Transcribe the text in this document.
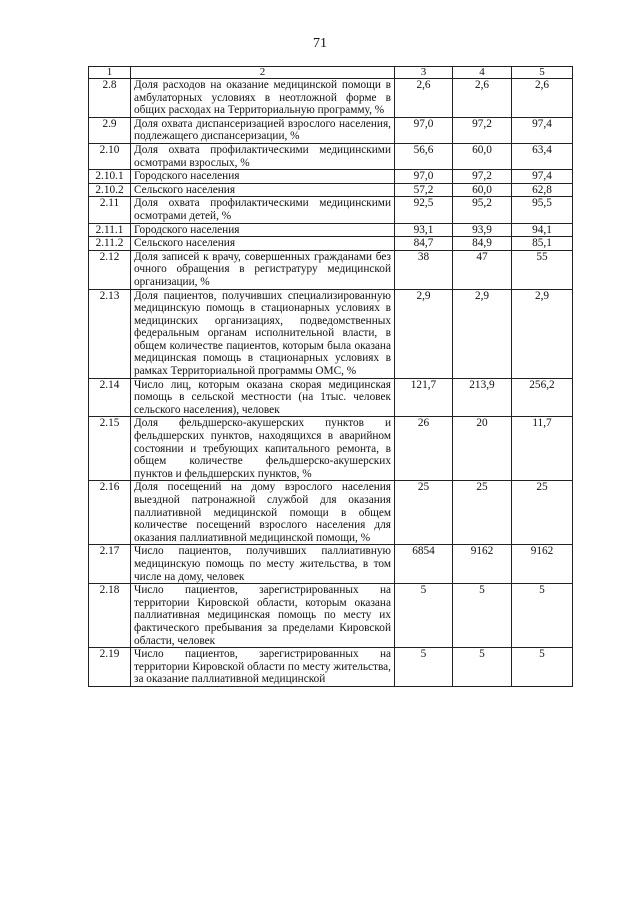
71
1	2	3	4	5
2.8	Доля расходов на оказание медицинской помощи в амбулаторных условиях в неотложной форме в общих расходах на Территориальную программу, %	2,6	2,6	2,6
2.9	Доля охвата диспансеризацией взрослого населения, подлежащего диспансеризации, %	97,0	97,2	97,4
2.10	Доля охвата профилактическими медицинскими осмотрами взрослых, %	56,6	60,0	63,4
2.10.1	Городского населения	97,0	97,2	97,4
2.10.2	Сельского населения	57,2	60,0	62,8
2.11	Доля охвата профилактическими медицинскими осмотрами детей, %	92,5	95,2	95,5
2.11.1	Городского населения	93,1	93,9	94,1
2.11.2	Сельского населения	84,7	84,9	85,1
2.12	Доля записей к врачу, совершенных гражданами без очного обращения в регистратуру медицинской организации, %	38	47	55
2.13	Доля пациентов, получивших специализированную медицинскую помощь в стационарных условиях в медицинских организациях, подведомственных федеральным органам исполнительной власти, в общем количестве пациентов, которым была оказана медицинская помощь в стационарных условиях в рамках Территориальной программы ОМС, %	2,9	2,9	2,9
2.14	Число лиц, которым оказана скорая медицинская помощь в сельской местности (на 1тыс. человек сельского населения), человек	121,7	213,9	256,2
2.15	Доля фельдшерско-акушерских пунктов и фельдшерских пунктов, находящихся в аварийном состоянии и требующих капитального ремонта, в общем количестве фельдшерско-акушерских пунктов и фельдшерских пунктов, %	26	20	11,7
2.16	Доля посещений на дому взрослого населения выездной патронажной службой для оказания паллиативной медицинской помощи в общем количестве посещений взрослого населения для оказания паллиативной медицинской помощи, %	25	25	25
2.17	Число пациентов, получивших паллиативную медицинскую помощь по месту жительства, в том числе на дому, человек	6854	9162	9162
2.18	Число пациентов, зарегистрированных на территории Кировской области, которым оказана паллиативная медицинская помощь по месту их фактического пребывания за пределами Кировской области, человек	5	5	5
2.19	Число пациентов, зарегистрированных на территории Кировской области по месту жительства, за оказание паллиативной медицинской	5	5	5
